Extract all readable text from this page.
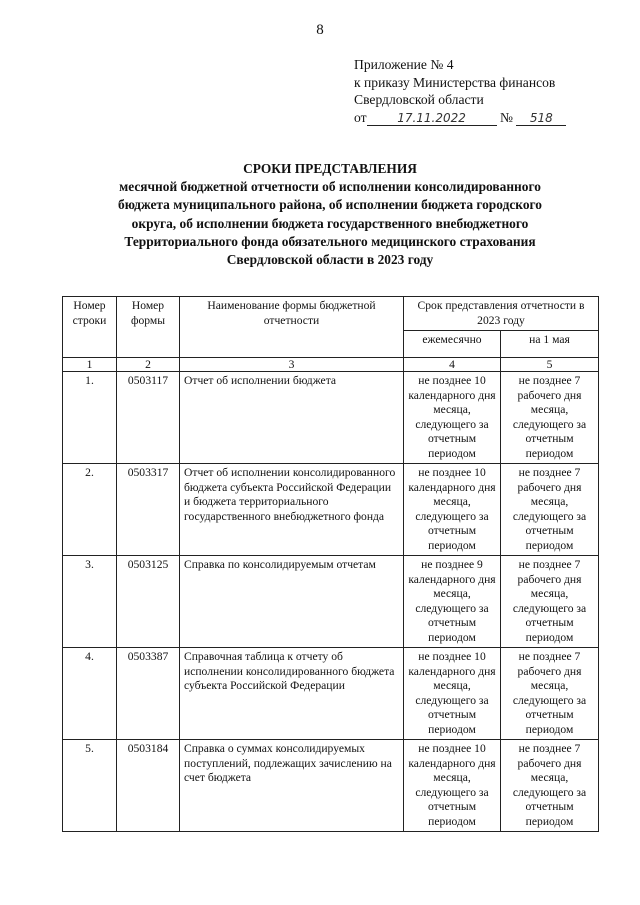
8
Приложение № 4
к приказу Министерства финансов
Свердловской области
от	17.11.2022	№ 518
СРОКИ ПРЕДСТАВЛЕНИЯ
месячной бюджетной отчетности об исполнении консолидированного
бюджета муниципального района, об исполнении бюджета городского
округа, об исполнении бюджета государственного внебюджетного
Территориального фонда обязательного медицинского страхования
Свердловской области в 2023 году
Номер строки	Номер формы	Наименование формы бюджетной отчетности	Срок представления отчетности в 2023 году	
			ежемесячно	на 1 мая
1	2	3	4	5
1.	0503117	Отчет об исполнении бюджета	не позднее 10 календарного дня месяца, следующего за отчетным периодом	не позднее 7 рабочего дня месяца, следующего за отчетным периодом
2.	0503317	Отчет об исполнении консолидированного бюджета субъекта Российской Федерации и бюджета территориального государственного внебюджетного фонда	не позднее 10 календарного дня месяца, следующего за отчетным периодом	не позднее 7 рабочего дня месяца, следующего за отчетным периодом
3.	0503125	Справка по консолидируемым отчетам	не позднее 9 календарного дня месяца, следующего за отчетным периодом	не позднее 7 рабочего дня месяца, следующего за отчетным периодом
4.	0503387	Справочная таблица к отчету об исполнении консолидированного бюджета субъекта Российской Федерации	не позднее 10 календарного дня месяца, следующего за отчетным периодом	не позднее 7 рабочего дня месяца, следующего за отчетным периодом
5.	0503184	Справка о суммах консолидируемых поступлений, подлежащих зачислению на счет бюджета	не позднее 10 календарного дня месяца, следующего за отчетным периодом	не позднее 7 рабочего дня месяца, следующего за отчетным периодом
